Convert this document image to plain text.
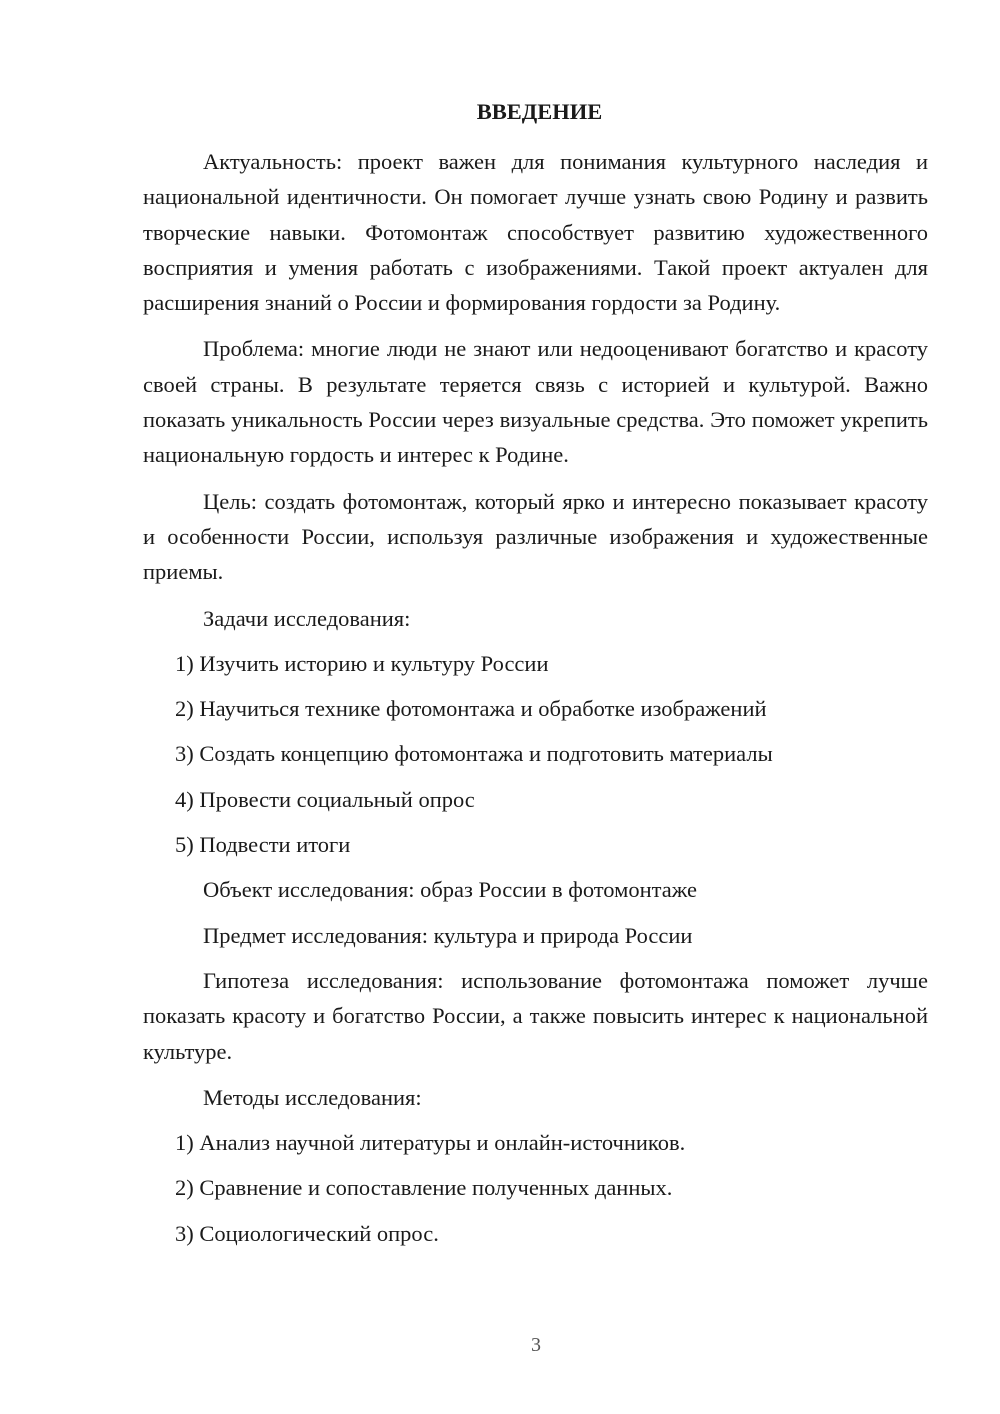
ВВЕДЕНИЕ

Актуальность: проект важен для понимания культурного наследия и национальной идентичности. Он помогает лучше узнать свою Родину и развить творческие навыки. Фотомонтаж способствует развитию художественного восприятия и умения работать с изображениями. Такой проект актуален для расширения знаний о России и формирования гордости за Родину.

Проблема: многие люди не знают или недооценивают богатство и красоту своей страны. В результате теряется связь с историей и культурой. Важно показать уникальность России через визуальные средства. Это поможет укрепить национальную гордость и интерес к Родине.

Цель: создать фотомонтаж, который ярко и интересно показывает красоту и особенности России, используя различные изображения и художественные приемы.

Задачи исследования:
1) Изучить историю и культуру России
2) Научиться технике фотомонтажа и обработке изображений
3) Создать концепцию фотомонтажа и подготовить материалы
4) Провести социальный опрос
5) Подвести итоги
Объект исследования: образ России в фотомонтаже
Предмет исследования: культура и природа России

Гипотеза исследования: использование фотомонтажа поможет лучше показать красоту и богатство России, а также повысить интерес к национальной культуре.

Методы исследования:
1) Анализ научной литературы и онлайн-источников.
2) Сравнение и сопоставление полученных данных.
3) Социологический опрос.
3
